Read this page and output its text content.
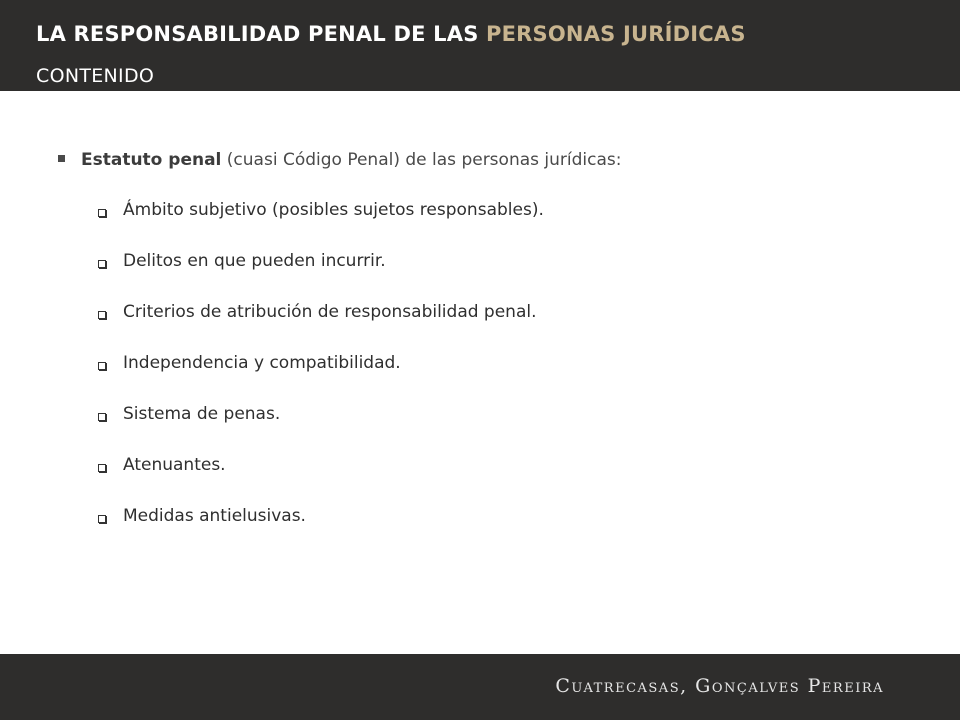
LA RESPONSABILIDAD PENAL DE LAS PERSONAS JURÍDICAS
CONTENIDO
Estatuto penal (cuasi Código Penal) de las personas jurídicas:
Ámbito subjetivo (posibles sujetos responsables).
Delitos en que pueden incurrir.
Criterios de atribución de responsabilidad penal.
Independencia y compatibilidad.
Sistema de penas.
Atenuantes.
Medidas antielusivas.
Cuatrecasas, Gonçalves Pereira
